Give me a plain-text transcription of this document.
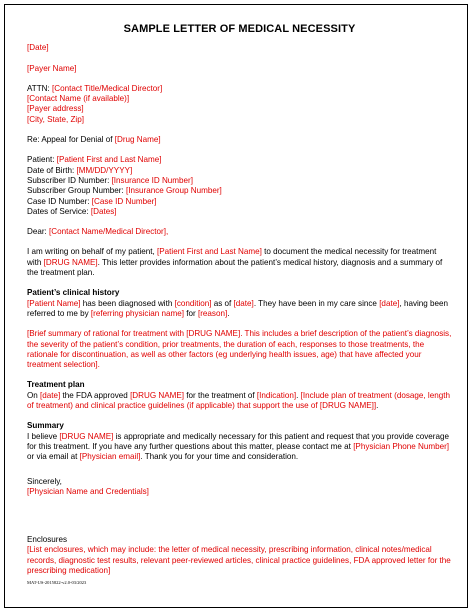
SAMPLE LETTER OF MEDICAL NECESSITY

[Date]

[Payer Name]

ATTN: [Contact Title/Medical Director]

[Contact Name (if available)]

[Payer address]

[City, State, Zip]

Re: Appeal for Denial of [Drug Name]

Patient: [Patient First and Last Name]

Date of Birth: [MM/DD/YYYY]

Subscriber ID Number: [Insurance ID Number]

Subscriber Group Number: [Insurance Group Number]

Case ID Number: [Case ID Number]

Dates of Service: [Dates]

Dear: [Contact Name/Medical Director],

I am writing on behalf of my patient, [Patient First and Last Name] to document the medical necessity for treatment with [DRUG NAME]. This letter provides information about the patient’s medical history, diagnosis and a summary of the treatment plan.

Patient’s clinical history

[Patient Name] has been diagnosed with [condition] as of [date]. They have been in my care since [date], having been referred to me by [referring physician name] for [reason].

[Brief summary of rational for treatment with [DRUG NAME]. This includes a brief description of the patient’s diagnosis, the severity of the patient’s condition, prior treatments, the duration of each, responses to those treatments, the rationale for discontinuation, as well as other factors (eg underlying health issues, age) that have affected your treatment selection].

Treatment plan

On [date] the FDA approved [DRUG NAME] for the treatment of [Indication]. [Include plan of treatment (dosage, length of treatment) and clinical practice guidelines (if applicable) that support the use of [DRUG NAME]].

Summary

I believe [DRUG NAME] is appropriate and medically necessary for this patient and request that you provide coverage for this treatment. If you have any further questions about this matter, please contact me at [Physician Phone Number] or via email at [Physician email]. Thank you for your time and consideration.

Sincerely,

[Physician Name and Credentials]

Enclosures

[List enclosures, which may include: the letter of medical necessity, prescribing information, clinical notes/medical records, diagnostic test results, relevant peer-reviewed articles, clinical practice guidelines, FDA approved letter for the prescribing medication]

MAT-US-2015822-v2.0-03/2023
